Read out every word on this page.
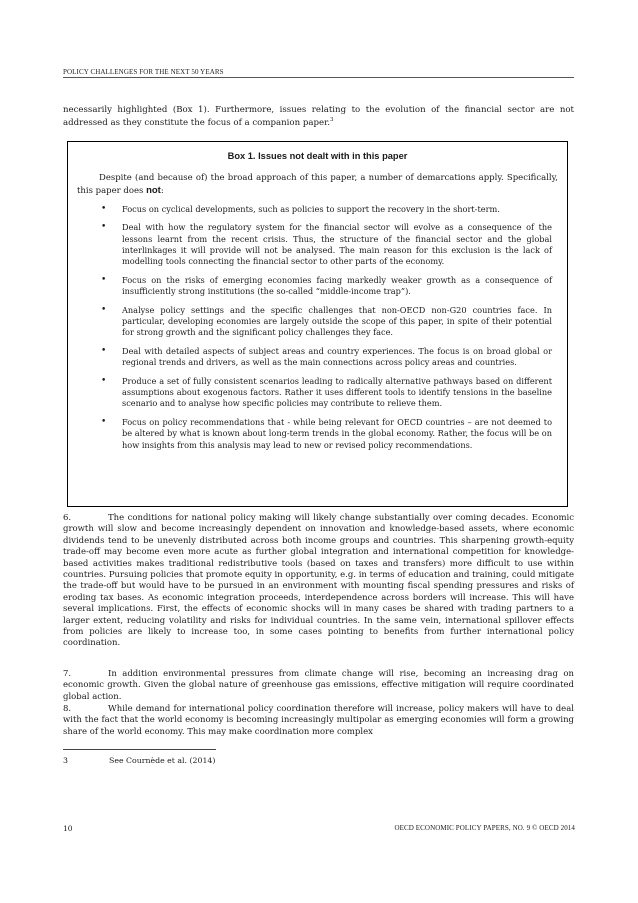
POLICY CHALLENGES FOR THE NEXT 50 YEARS
necessarily highlighted (Box 1). Furthermore, issues relating to the evolution of the financial sector are not addressed as they constitute the focus of a companion paper.$^3$
Box 1. Issues not dealt with in this paper

Despite (and because of) the broad approach of this paper, a number of demarcations apply. Specifically, this paper does not:

• Focus on cyclical developments, such as policies to support the recovery in the short-term.
• Deal with how the regulatory system for the financial sector will evolve as a consequence of the lessons learnt from the recent crisis. Thus, the structure of the financial sector and the global interlinkages it will provide will not be analysed. The main reason for this exclusion is the lack of modelling tools connecting the financial sector to other parts of the economy.
• Focus on the risks of emerging economies facing markedly weaker growth as a consequence of insufficiently strong institutions (the so-called “middle-income trap”).
• Analyse policy settings and the specific challenges that non-OECD non-G20 countries face. In particular, developing economies are largely outside the scope of this paper, in spite of their potential for strong growth and the significant policy challenges they face.
• Deal with detailed aspects of subject areas and country experiences. The focus is on broad global or regional trends and drivers, as well as the main connections across policy areas and countries.
• Produce a set of fully consistent scenarios leading to radically alternative pathways based on different assumptions about exogenous factors. Rather it uses different tools to identify tensions in the baseline scenario and to analyse how specific policies may contribute to relieve them.
• Focus on policy recommendations that - while being relevant for OECD countries – are not deemed to be altered by what is known about long-term trends in the global economy. Rather, the focus will be on how insights from this analysis may lead to new or revised policy recommendations.
6.	The conditions for national policy making will likely change substantially over coming decades. Economic growth will slow and become increasingly dependent on innovation and knowledge-based assets, where economic dividends tend to be unevenly distributed across both income groups and countries. This sharpening growth-equity trade-off may become even more acute as further global integration and international competition for knowledge-based activities makes traditional redistributive tools (based on taxes and transfers) more difficult to use within countries. Pursuing policies that promote equity in opportunity, e.g. in terms of education and training, could mitigate the trade-off but would have to be pursued in an environment with mounting fiscal spending pressures and risks of eroding tax bases. As economic integration proceeds, interdependence across borders will increase. This will have several implications. First, the effects of economic shocks will in many cases be shared with trading partners to a larger extent, reducing volatility and risks for individual countries. In the same vein, international spillover effects from policies are likely to increase too, in some cases pointing to benefits from further international policy coordination.
7.	In addition environmental pressures from climate change will rise, becoming an increasing drag on economic growth. Given the global nature of greenhouse gas emissions, effective mitigation will require coordinated global action.
8.	While demand for international policy coordination therefore will increase, policy makers will have to deal with the fact that the world economy is becoming increasingly multipolar as emerging economies will form a growing share of the world economy. This may make coordination more complex
3	See Cournède et al. (2014)
10	OECD ECONOMIC POLICY PAPERS, NO. 9 © OECD 2014
